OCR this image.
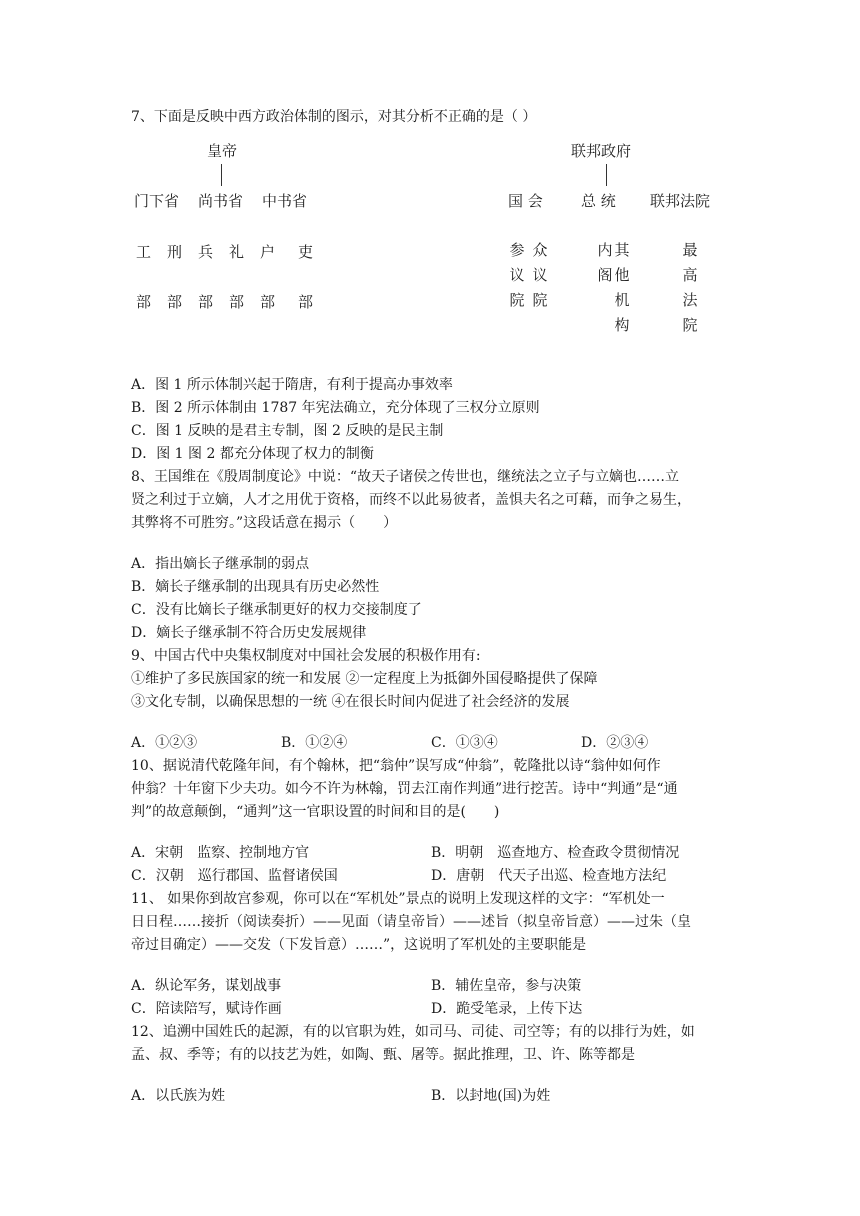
7、下面是反映中西方政治体制的图示，对其分析不正确的是（ ）
皇帝
门下省 尚书省 中书省
工 刑 兵 礼 户 吏
部 部 部 部 部 部
联邦政府
国 会	总 统 联邦法院
参
议
院
众
议
院
内
阁
其
他
机
构
最
高
法
院
A．图 1 所示体制兴起于隋唐，有利于提高办事效率
B．图 2 所示体制由 1787 年宪法确立，充分体现了三权分立原则
C．图 1 反映的是君主专制，图 2 反映的是民主制
D．图 1 图 2 都充分体现了权力的制衡
8、王国维在《殷周制度论》中说：“故天子诸侯之传世也，继统法之立子与立嫡也……立
贤之利过于立嫡，人才之用优于资格，而终不以此易彼者，盖惧夫名之可藉，而争之易生，
其弊将不可胜穷。”这段话意在揭示（　　）
A．指出嫡长子继承制的弱点
B．嫡长子继承制的出现具有历史必然性
C．没有比嫡长子继承制更好的权力交接制度了
D．嫡长子继承制不符合历史发展规律
9、中国古代中央集权制度对中国社会发展的积极作用有:
①维护了多民族国家的统一和发展 ②一定程度上为抵御外国侵略提供了保障
③文化专制，以确保思想的一统 ④在很长时间内促进了社会经济的发展
A．①②③	B．①②④	C．①③④	D．②③④
10、据说清代乾隆年间，有个翰林，把“翁仲”误写成“仲翁”，乾隆批以诗“翁仲如何作
仲翁？十年窗下少夫功。如今不许为林翰，罚去江南作判通”进行挖苦。诗中“判通”是“通
判”的故意颠倒，“通判”这一官职设置的时间和目的是(　　)
A．宋朝　监察、控制地方官	B．明朝　巡查地方、检查政令贯彻情况
C．汉朝　巡行郡国、监督诸侯国	D．唐朝　代天子出巡、检查地方法纪
11、 如果你到故宫参观，你可以在“军机处”景点的说明上发现这样的文字：“军机处一
日日程……接折（阅读奏折）——见面（请皇帝旨）——述旨（拟皇帝旨意）——过朱（皇
帝过目确定）——交发（下发旨意）……”，这说明了军机处的主要职能是
A．纵论军务，谋划战事	B．辅佐皇帝，参与决策
C．陪读陪写，赋诗作画	D．跪受笔录，上传下达
12、追溯中国姓氏的起源，有的以官职为姓，如司马、司徒、司空等；有的以排行为姓，如
孟、叔、季等；有的以技艺为姓，如陶、甄、屠等。据此推理，卫、许、陈等都是
A．以氏族为姓	B．以封地(国)为姓
